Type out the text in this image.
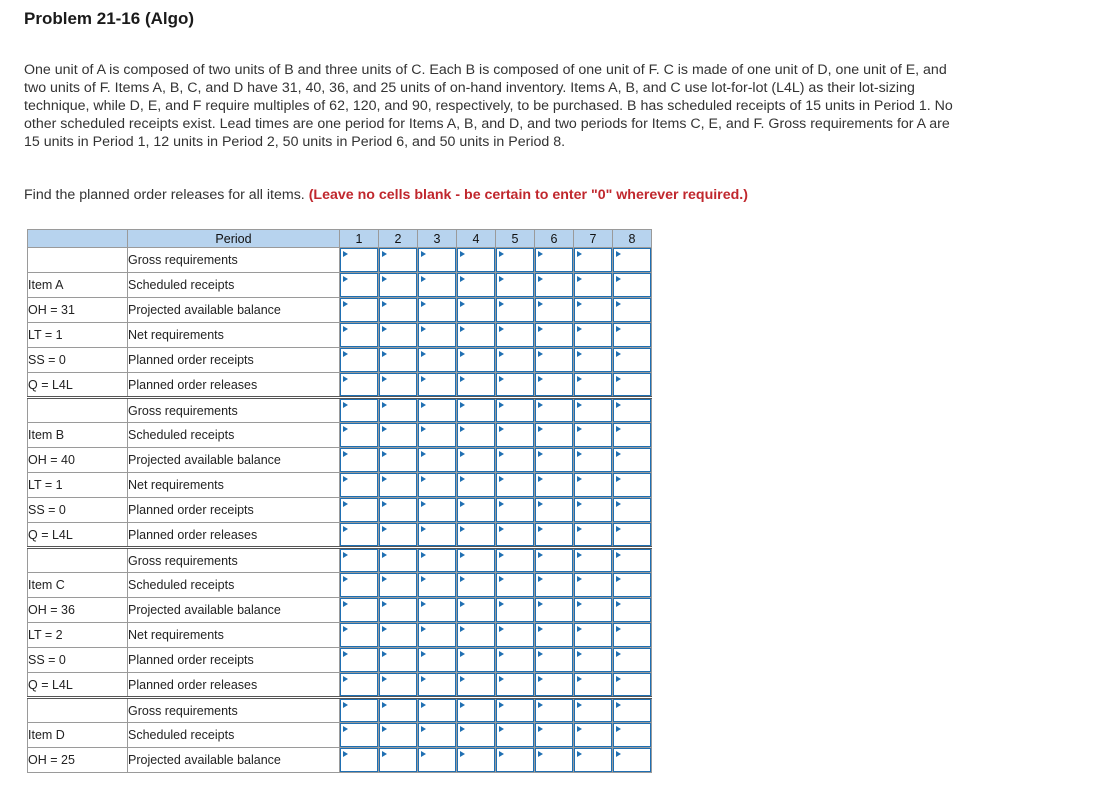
Problem 21-16 (Algo)

One unit of A is composed of two units of B and three units of C. Each B is composed of one unit of F. C is made of one unit of D, one unit of E, and two units of F. Items A, B, C, and D have 31, 40, 36, and 25 units of on-hand inventory. Items A, B, and C use lot-for-lot (L4L) as their lot-sizing technique, while D, E, and F require multiples of 62, 120, and 90, respectively, to be purchased. B has scheduled receipts of 15 units in Period 1. No other scheduled receipts exist. Lead times are one period for Items A, B, and D, and two periods for Items C, E, and F. Gross requirements for A are 15 units in Period 1, 12 units in Period 2, 50 units in Period 6, and 50 units in Period 8.

Find the planned order releases for all items. (Leave no cells blank - be certain to enter "0" wherever required.)

	Period	1	2	3	4	5	6	7	8
	Gross requirements	

Item A	Scheduled receipts	

OH = 31	Projected available balance	

LT = 1	Net requirements	

SS = 0	Planned order receipts	

Q = L4L	Planned order releases	

	Gross requirements	

Item B	Scheduled receipts	

OH = 40	Projected available balance	

LT = 1	Net requirements	

SS = 0	Planned order receipts	

Q = L4L	Planned order releases	

	Gross requirements	

Item C	Scheduled receipts	

OH = 36	Projected available balance	

LT = 2	Net requirements	

SS = 0	Planned order receipts	

Q = L4L	Planned order releases	

	Gross requirements	

Item D	Scheduled receipts	

OH = 25	Projected available balance	
